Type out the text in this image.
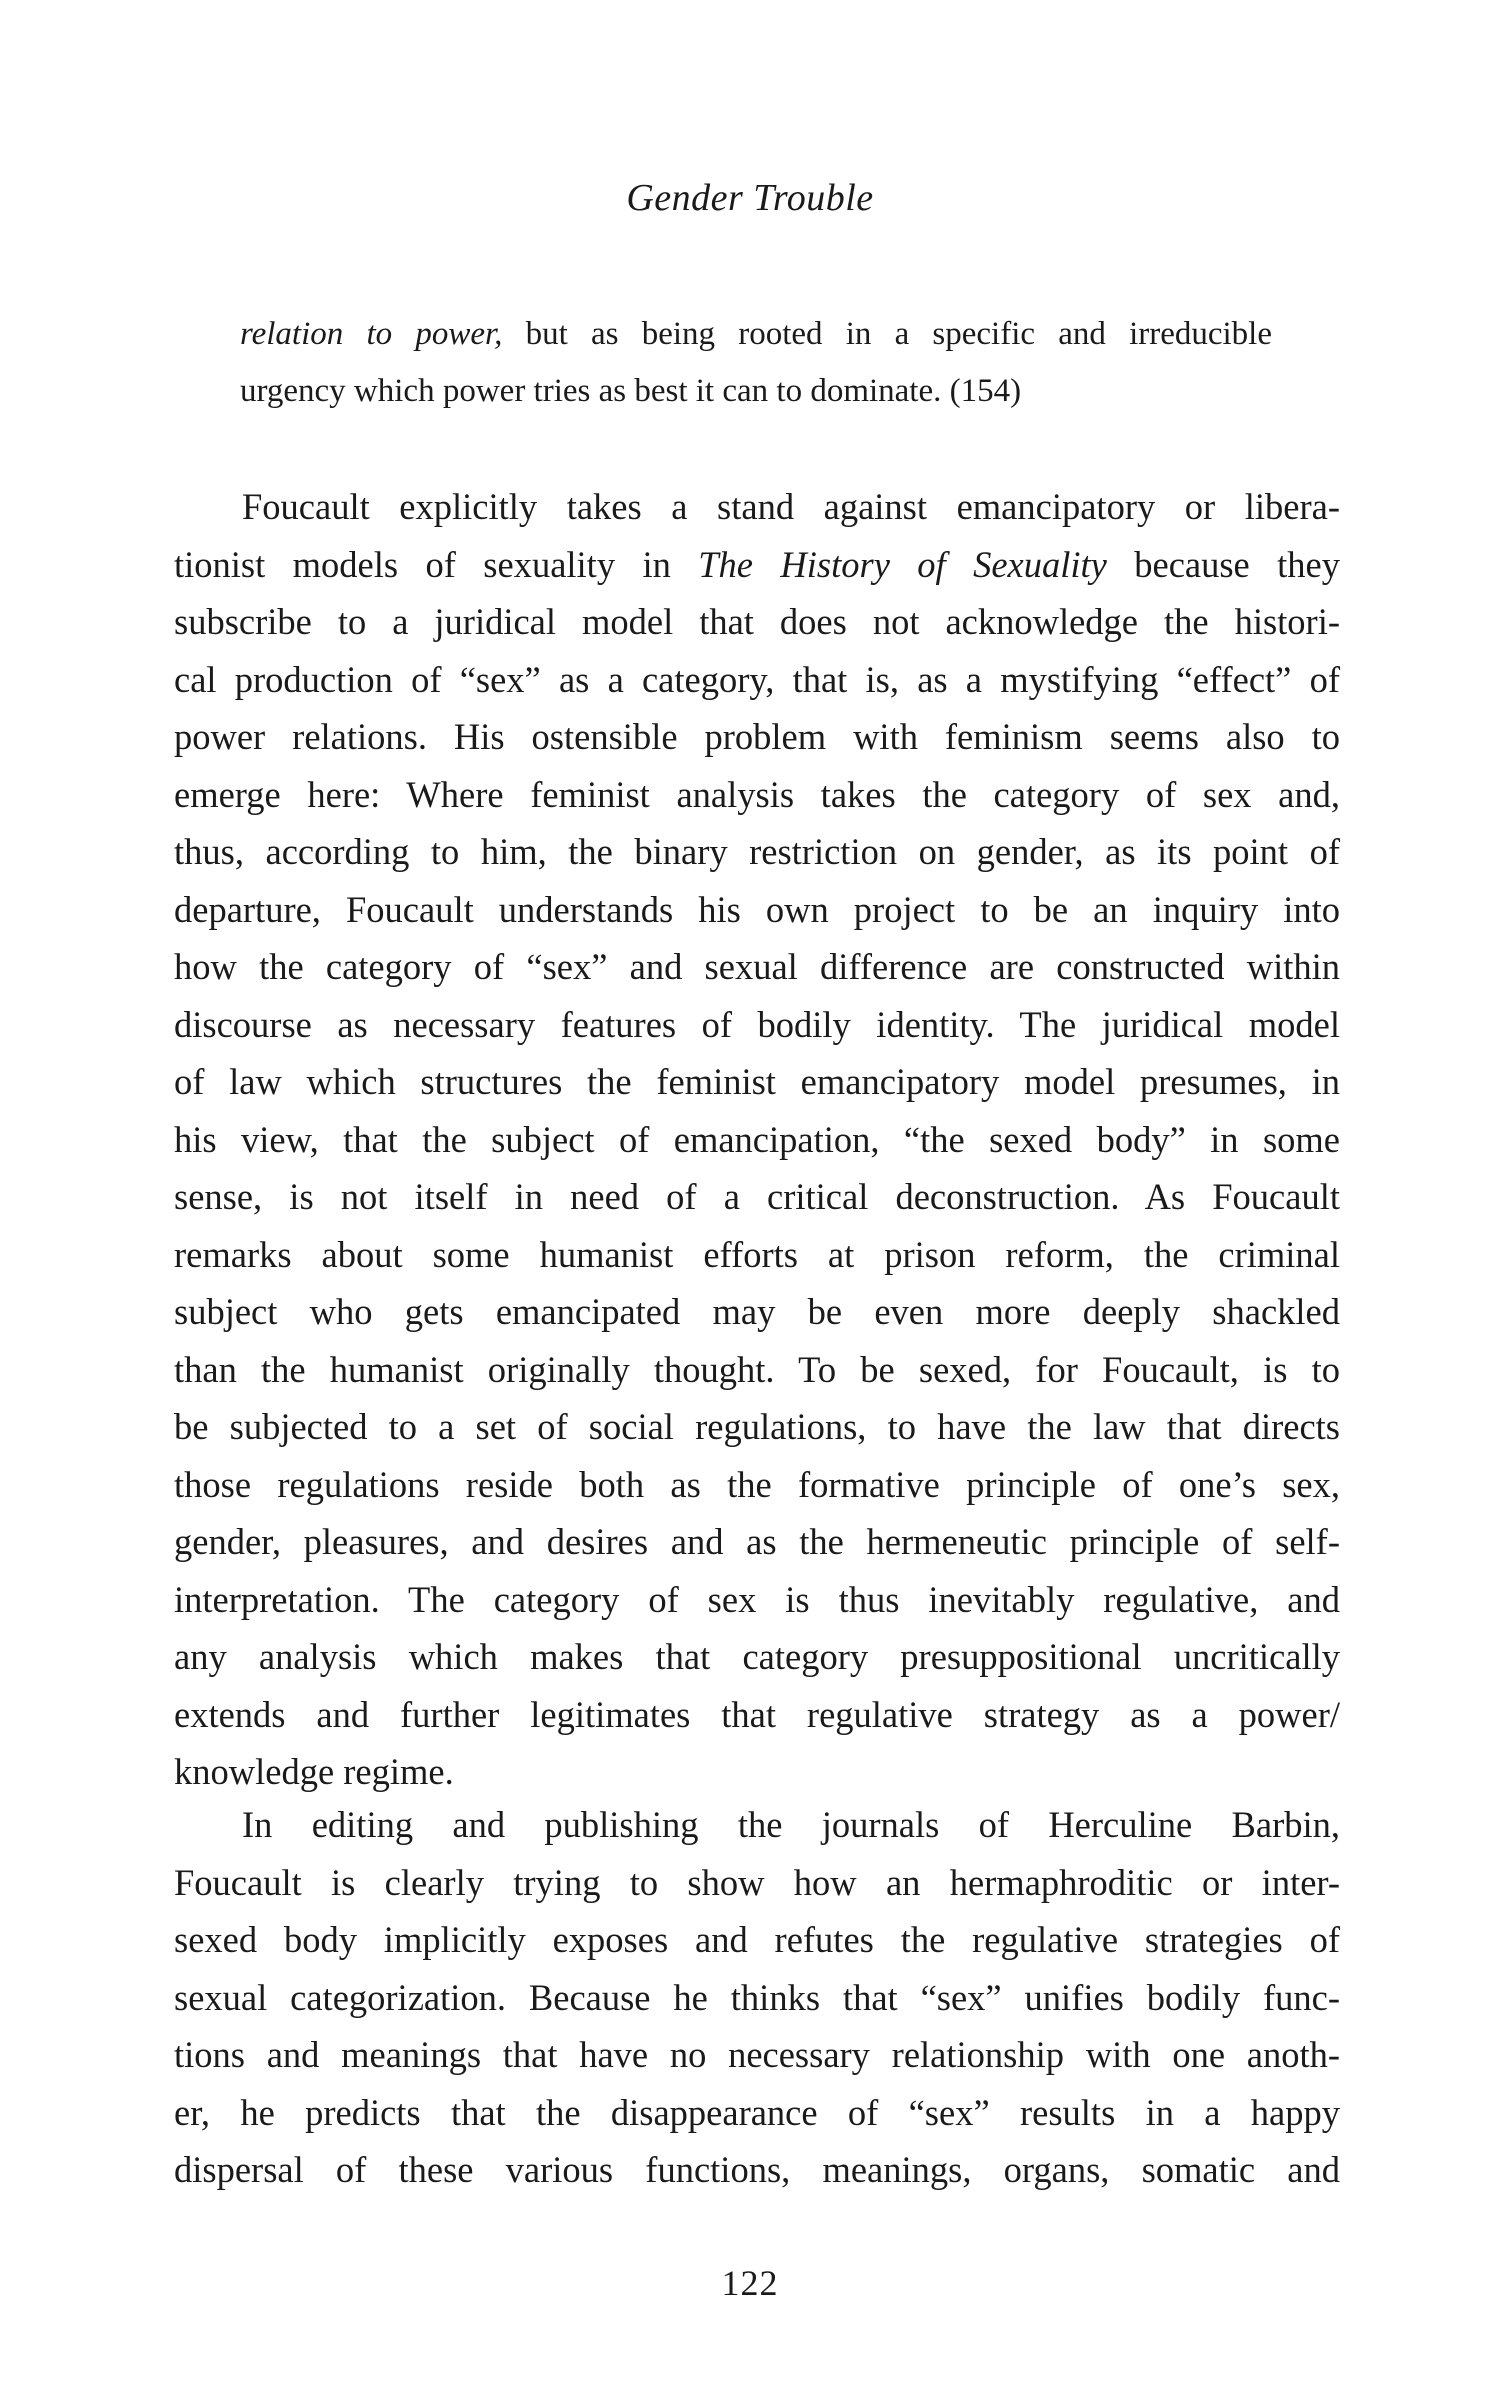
Gender Trouble
relation to power, but as being rooted in a specific and irreducible
urgency which power tries as best it can to dominate. (154)
Foucault explicitly takes a stand against emancipatory or libera-
tionist models of sexuality in The History of Sexuality because they
subscribe to a juridical model that does not acknowledge the histori-
cal production of “sex” as a category, that is, as a mystifying “effect” of
power relations. His ostensible problem with feminism seems also to
emerge here: Where feminist analysis takes the category of sex and,
thus, according to him, the binary restriction on gender, as its point of
departure, Foucault understands his own project to be an inquiry into
how the category of “sex” and sexual difference are constructed within
discourse as necessary features of bodily identity. The juridical model
of law which structures the feminist emancipatory model presumes, in
his view, that the subject of emancipation, “the sexed body” in some
sense, is not itself in need of a critical deconstruction. As Foucault
remarks about some humanist efforts at prison reform, the criminal
subject who gets emancipated may be even more deeply shackled
than the humanist originally thought. To be sexed, for Foucault, is to
be subjected to a set of social regulations, to have the law that directs
those regulations reside both as the formative principle of one’s sex,
gender, pleasures, and desires and as the hermeneutic principle of self-
interpretation. The category of sex is thus inevitably regulative, and
any analysis which makes that category presuppositional uncritically
extends and further legitimates that regulative strategy as a power/
knowledge regime.
In editing and publishing the journals of Herculine Barbin,
Foucault is clearly trying to show how an hermaphroditic or inter-
sexed body implicitly exposes and refutes the regulative strategies of
sexual categorization. Because he thinks that “sex” unifies bodily func-
tions and meanings that have no necessary relationship with one anoth-
er, he predicts that the disappearance of “sex” results in a happy
dispersal of these various functions, meanings, organs, somatic and
122
